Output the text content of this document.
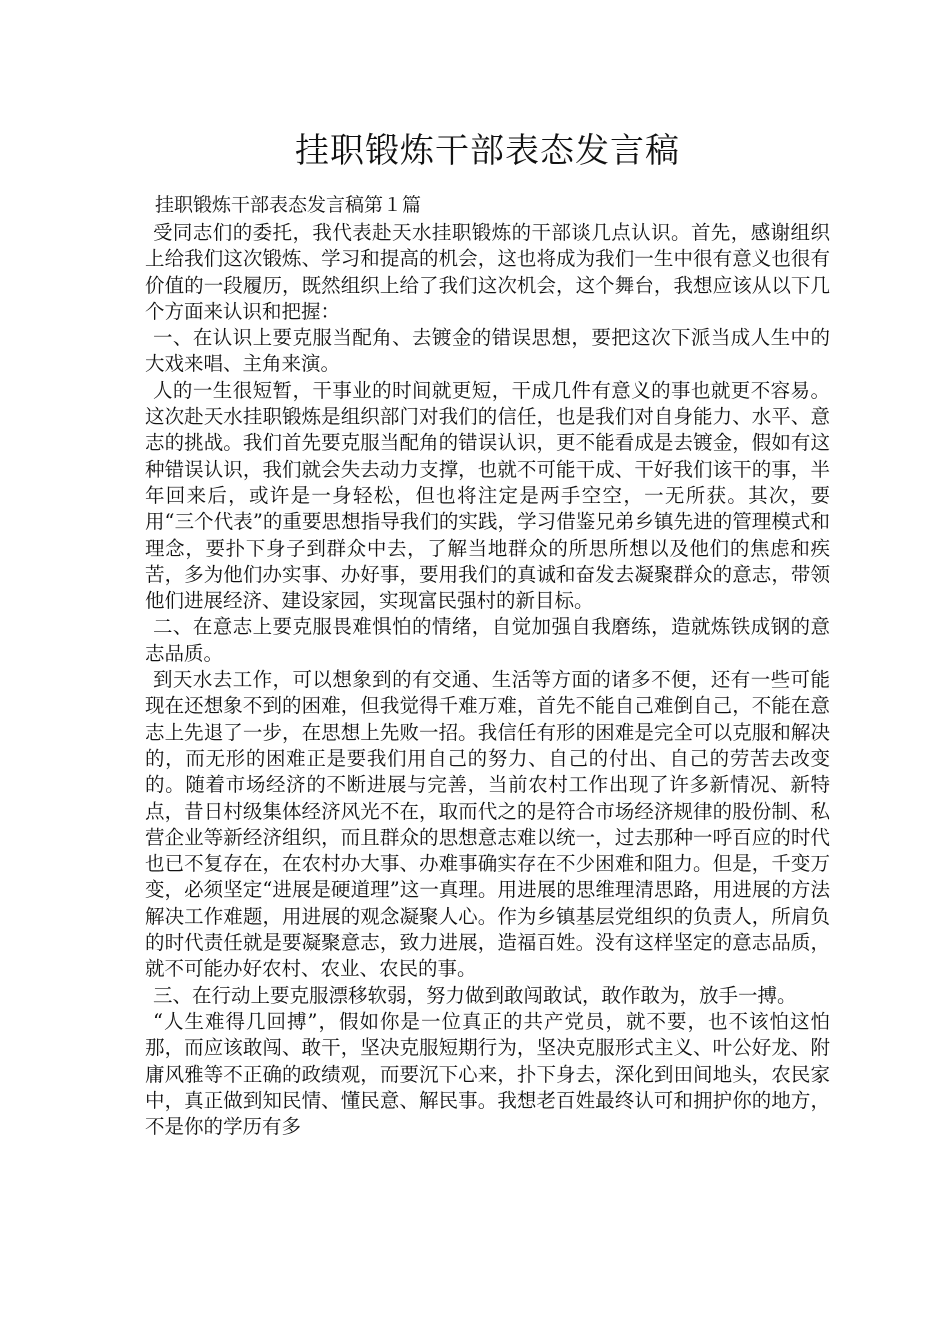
挂职锻炼干部表态发言稿
挂职锻炼干部表态发言稿第１篇

受同志们的委托，我代表赴天水挂职锻炼的干部谈几点认识。首先，感谢组织上给我们这次锻炼、学习和提高的机会，这也将成为我们一生中很有意义也很有价值的一段履历，既然组织上给了我们这次机会，这个舞台，我想应该从以下几个方面来认识和把握：

一、在认识上要克服当配角、去镀金的错误思想，要把这次下派当成人生中的大戏来唱、主角来演。

人的一生很短暂，干事业的时间就更短，干成几件有意义的事也就更不容易。这次赴天水挂职锻炼是组织部门对我们的信任，也是我们对自身能力、水平、意志的挑战。我们首先要克服当配角的错误认识，更不能看成是去镀金，假如有这种错误认识，我们就会失去动力支撑，也就不可能干成、干好我们该干的事，半年回来后，或许是一身轻松，但也将注定是两手空空，一无所获。其次，要用“三个代表”的重要思想指导我们的实践，学习借鉴兄弟乡镇先进的管理模式和理念，要扑下身子到群众中去，了解当地群众的所思所想以及他们的焦虑和疾苦，多为他们办实事、办好事，要用我们的真诚和奋发去凝聚群众的意志，带领他们进展经济、建设家园，实现富民强村的新目标。

二、在意志上要克服畏难惧怕的情绪，自觉加强自我磨练，造就炼铁成钢的意志品质。

到天水去工作，可以想象到的有交通、生活等方面的诸多不便，还有一些可能现在还想象不到的困难，但我觉得千难万难，首先不能自己难倒自己，不能在意志上先退了一步，在思想上先败一招。我信任有形的困难是完全可以克服和解决的，而无形的困难正是要我们用自己的努力、自己的付出、自己的劳苦去改变的。随着市场经济的不断进展与完善，当前农村工作出现了许多新情况、新特点，昔日村级集体经济风光不在，取而代之的是符合市场经济规律的股份制、私营企业等新经济组织，而且群众的思想意志难以统一，过去那种一呼百应的时代也已不复存在，在农村办大事、办难事确实存在不少困难和阻力。但是，千变万变，必须坚定“进展是硬道理”这一真理。用进展的思维理清思路，用进展的方法解决工作难题，用进展的观念凝聚人心。作为乡镇基层党组织的负责人，所肩负的时代责任就是要凝聚意志，致力进展，造福百姓。没有这样坚定的意志品质，就不可能办好农村、农业、农民的事。

三、在行动上要克服漂移软弱，努力做到敢闯敢试，敢作敢为，放手一搏。

“人生难得几回搏”，假如你是一位真正的共产党员，就不要，也不该怕这怕那，而应该敢闯、敢干，坚决克服短期行为，坚决克服形式主义、叶公好龙、附庸风雅等不正确的政绩观，而要沉下心来，扑下身去，深化到田间地头，农民家中，真正做到知民情、懂民意、解民事。我想老百姓最终认可和拥护你的地方，不是你的学历有多
